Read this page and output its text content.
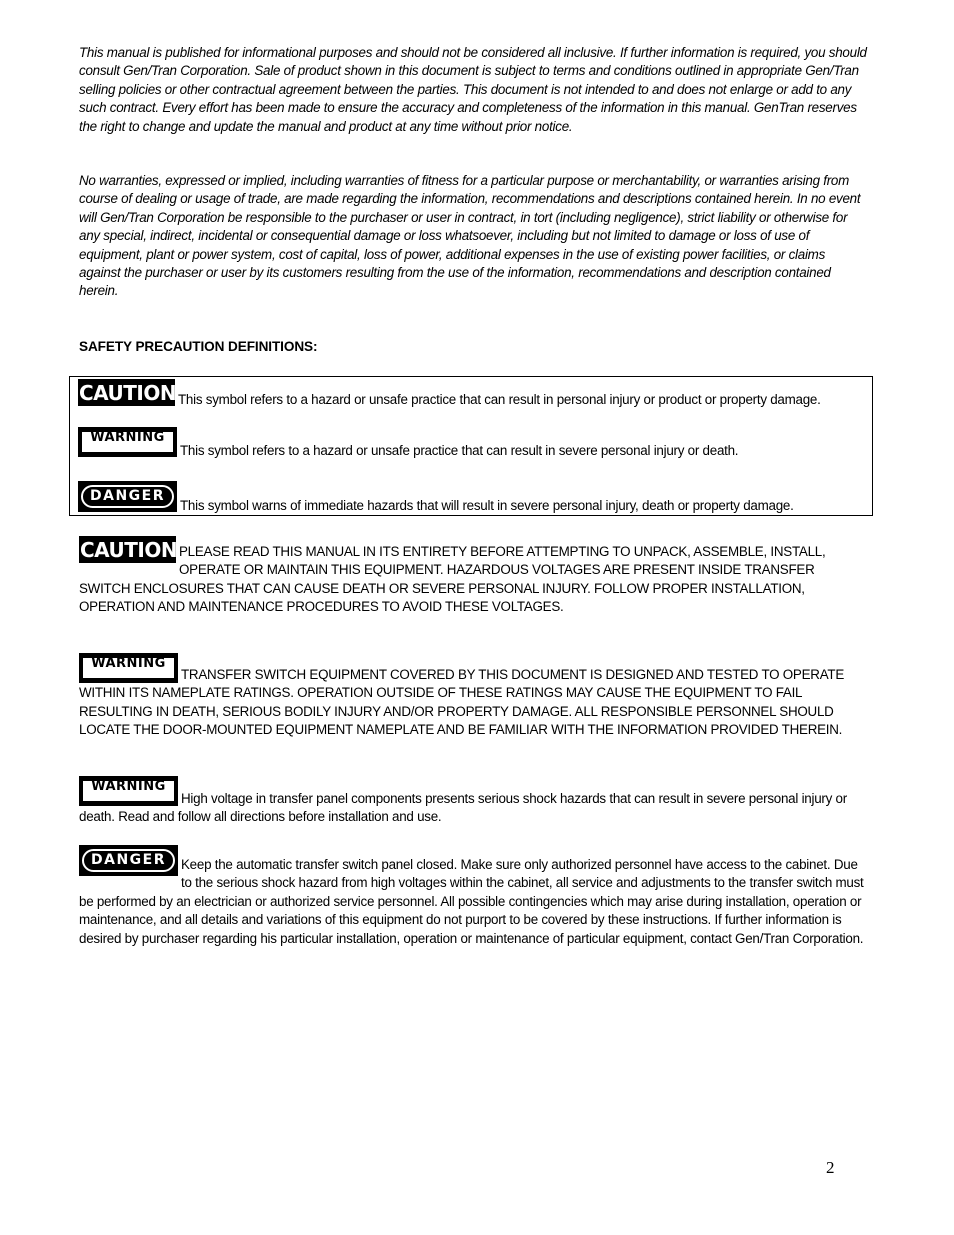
This manual is published for informational purposes and should not be considered all inclusive. If further information is required, you should consult Gen/Tran Corporation. Sale of product shown in this document is subject to terms and conditions outlined in appropriate Gen/Tran selling policies or other contractual agreement between the parties. This document is not intended to and does not enlarge or add to any such contract. Every effort has been made to ensure the accuracy and completeness of the information in this manual. GenTran reserves the right to change and update the manual and product at any time without prior notice.

No warranties, expressed or implied, including warranties of fitness for a particular purpose or merchantability, or warranties arising from course of dealing or usage of trade, are made regarding the information, recommendations and descriptions contained herein. In no event will Gen/Tran Corporation be responsible to the purchaser or user in contract, in tort (including negligence), strict liability or otherwise for any special, indirect, incidental or consequential damage or loss whatsoever, including but not limited to damage or loss of use of equipment, plant or power system, cost of capital, loss of power, additional expenses in the use of existing power facilities, or claims against the purchaser or user by its customers resulting from the use of the information, recommendations and description contained herein.

SAFETY PRECAUTION DEFINITIONS:
CAUTION This symbol refers to a hazard or unsafe practice that can result in personal injury or product or property damage.
WARNING
This symbol refers to a hazard or unsafe practice that can result in severe personal injury or death.
DANGER
This symbol warns of immediate hazards that will result in severe personal injury, death or property damage.
CAUTION PLEASE READ THIS MANUAL IN ITS ENTIRETY BEFORE ATTEMPTING TO UNPACK, ASSEMBLE, INSTALL, OPERATE OR MAINTAIN THIS EQUIPMENT. HAZARDOUS VOLTAGES ARE PRESENT INSIDE TRANSFER SWITCH ENCLOSURES THAT CAN CAUSE DEATH OR SEVERE PERSONAL INJURY. FOLLOW PROPER INSTALLATION, OPERATION AND MAINTENANCE PROCEDURES TO AVOID THESE VOLTAGES.
WARNING
TRANSFER SWITCH EQUIPMENT COVERED BY THIS DOCUMENT IS DESIGNED AND TESTED TO OPERATE WITHIN ITS NAMEPLATE RATINGS. OPERATION OUTSIDE OF THESE RATINGS MAY CAUSE THE EQUIPMENT TO FAIL RESULTING IN DEATH, SERIOUS BODILY INJURY AND/OR PROPERTY DAMAGE. ALL RESPONSIBLE PERSONNEL SHOULD LOCATE THE DOOR-MOUNTED EQUIPMENT NAMEPLATE AND BE FAMILIAR WITH THE INFORMATION PROVIDED THEREIN.
WARNING
High voltage in transfer panel components presents serious shock hazards that can result in severe personal injury or death. Read and follow all directions before installation and use.
DANGER	Keep the automatic transfer switch panel closed. Make sure only authorized personnel have access to the cabinet. Due to the serious shock hazard from high voltages within the cabinet, all service and adjustments to the transfer switch must be performed by an electrician or authorized service personnel. All possible contingencies which may arise during installation, operation or maintenance, and all details and variations of this equipment do not purport to be covered by these instructions. If further information is desired by purchaser regarding his particular installation, operation or maintenance of particular equipment, contact Gen/Tran Corporation.
2
